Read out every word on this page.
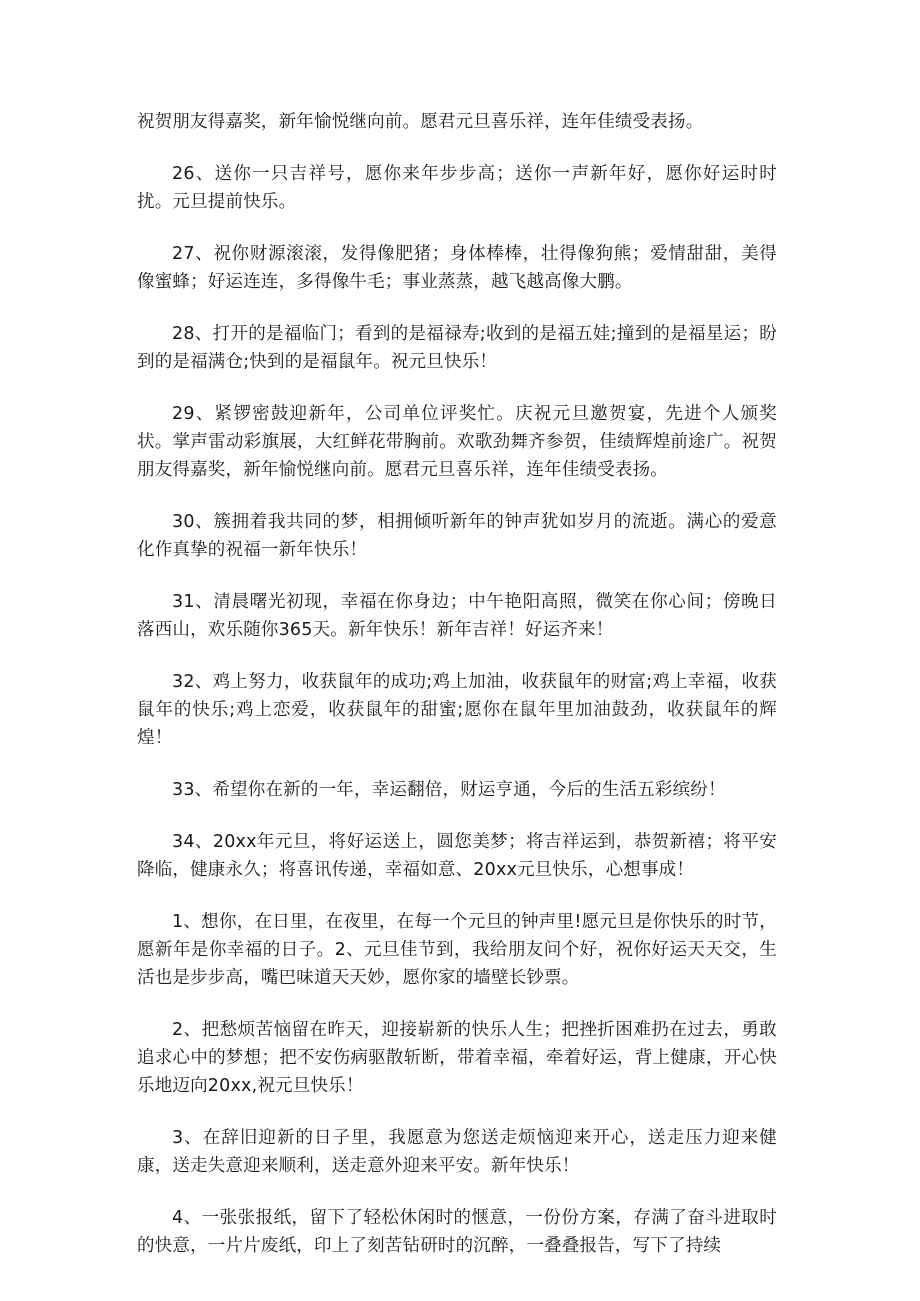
祝贺朋友得嘉奖，新年愉悦继向前。愿君元旦喜乐祥，连年佳绩受表扬。

26、送你一只吉祥号，愿你来年步步高；送你一声新年好，愿你好运时时扰。元旦提前快乐。

27、祝你财源滚滚，发得像肥猪；身体棒棒，壮得像狗熊；爱情甜甜，美得像蜜蜂；好运连连，多得像牛毛；事业蒸蒸，越飞越高像大鹏。

28、打开的是福临门；看到的是福禄寿;收到的是福五娃;撞到的是福星运；盼到的是福满仓;快到的是福鼠年。祝元旦快乐！

29、紧锣密鼓迎新年，公司单位评奖忙。庆祝元旦邀贺宴，先进个人颁奖状。掌声雷动彩旗展，大红鲜花带胸前。欢歌劲舞齐参贺，佳绩辉煌前途广。祝贺朋友得嘉奖，新年愉悦继向前。愿君元旦喜乐祥，连年佳绩受表扬。

30、簇拥着我共同的梦，相拥倾听新年的钟声犹如岁月的流逝。满心的爱意化作真挚的祝福一新年快乐！

31、清晨曙光初现，幸福在你身边；中午艳阳高照，微笑在你心间；傍晚日落西山，欢乐随你365天。新年快乐！新年吉祥！好运齐来！

32、鸡上努力，收获鼠年的成功;鸡上加油，收获鼠年的财富;鸡上幸福，收获鼠年的快乐;鸡上恋爱，收获鼠年的甜蜜;愿你在鼠年里加油鼓劲，收获鼠年的辉煌！

33、希望你在新的一年，幸运翻倍，财运亨通，今后的生活五彩缤纷！

34、20xx年元旦，将好运送上，圆您美梦；将吉祥运到，恭贺新禧；将平安降临，健康永久；将喜讯传递，幸福如意、20xx元旦快乐，心想事成！

1、想你，在日里，在夜里，在每一个元旦的钟声里!愿元旦是你快乐的时节，愿新年是你幸福的日子。2、元旦佳节到，我给朋友问个好，祝你好运天天交，生活也是步步高，嘴巴味道天天妙，愿你家的墙壁长钞票。

2、把愁烦苦恼留在昨天，迎接崭新的快乐人生；把挫折困难扔在过去，勇敢追求心中的梦想；把不安伤病驱散斩断，带着幸福，牵着好运，背上健康，开心快乐地迈向20xx,祝元旦快乐！

3、在辞旧迎新的日子里，我愿意为您送走烦恼迎来开心，送走压力迎来健康，送走失意迎来顺利，送走意外迎来平安。新年快乐！

4、一张张报纸，留下了轻松休闲时的惬意，一份份方案，存满了奋斗进取时的快意，一片片废纸，印上了刻苦钻研时的沉醉，一叠叠报告，写下了持续
